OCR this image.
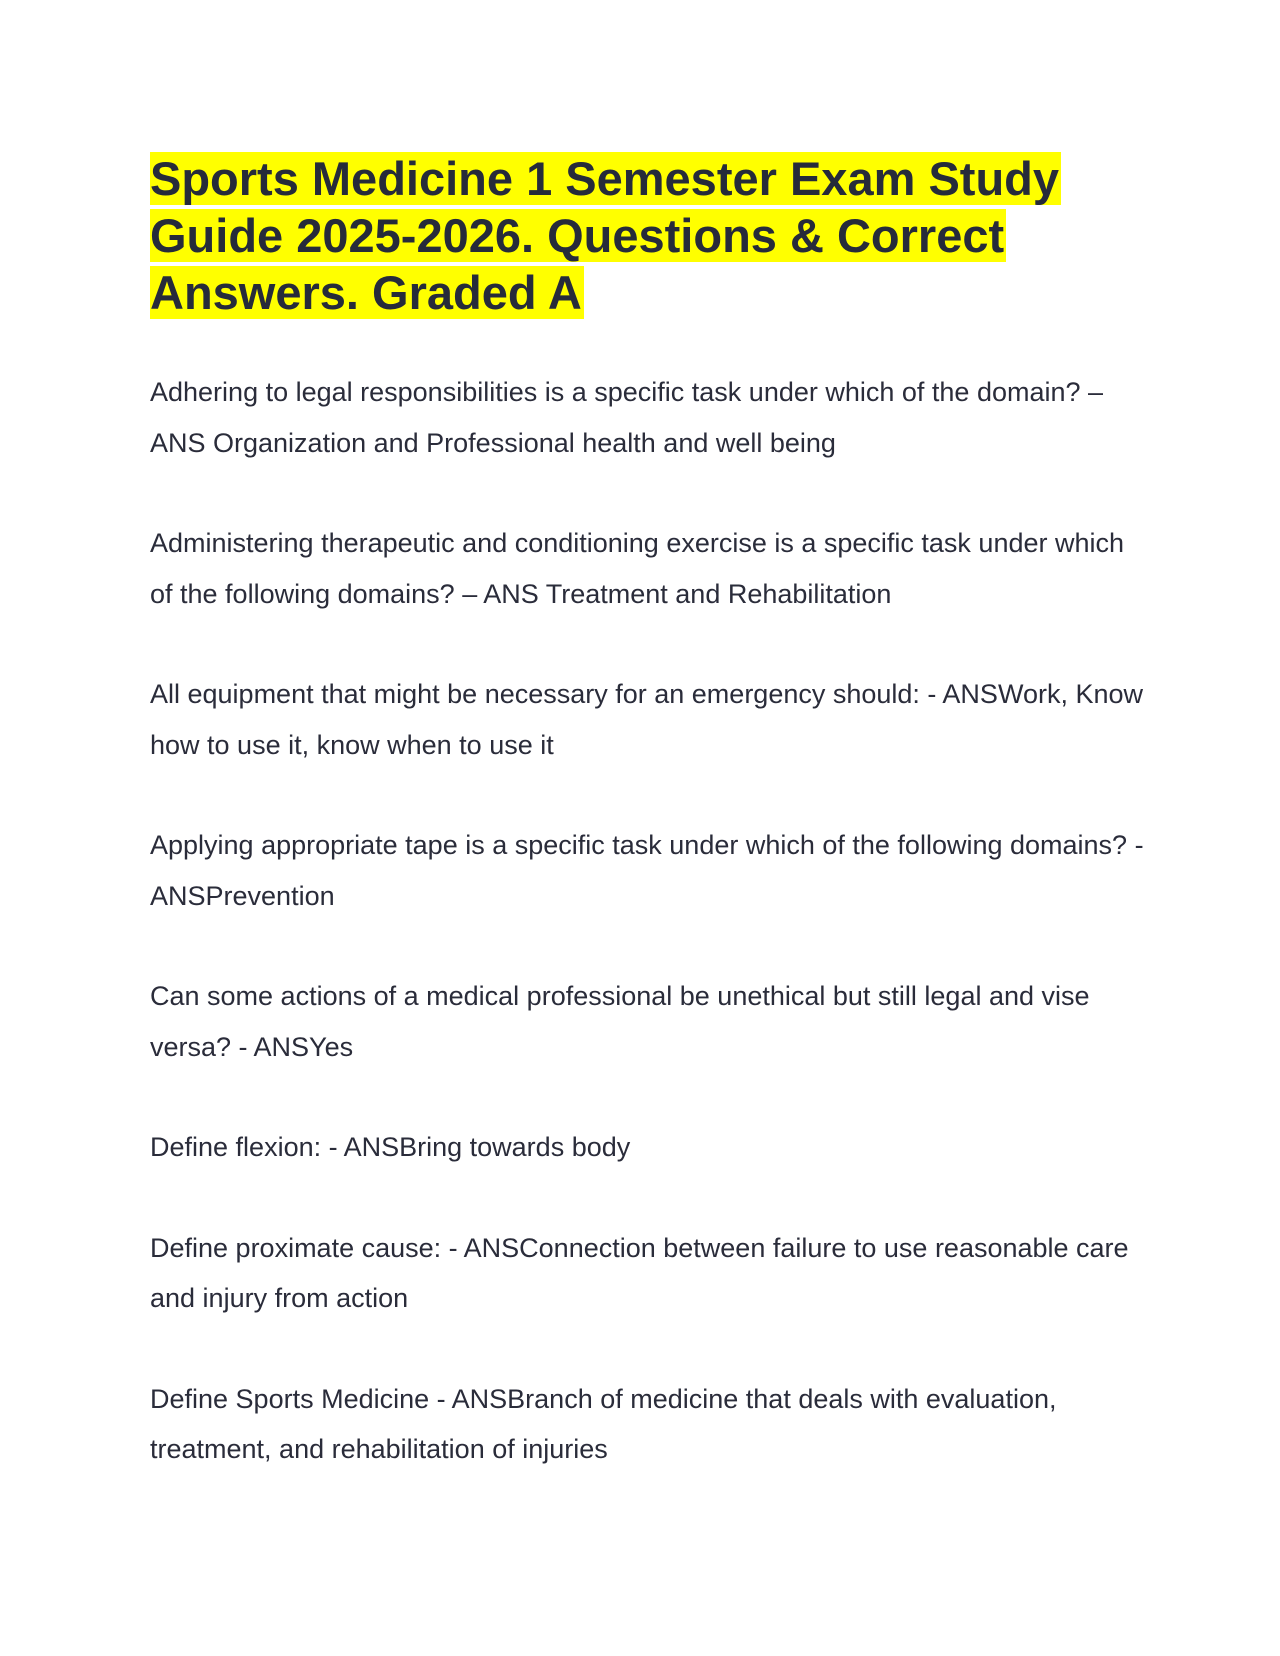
Sports Medicine 1 Semester Exam Study Guide 2025-2026. Questions & Correct Answers. Graded A

Adhering to legal responsibilities is a specific task under which of the domain? – ANS Organization and Professional health and well being

Administering therapeutic and conditioning exercise is a specific task under which of the following domains? – ANS Treatment and Rehabilitation

All equipment that might be necessary for an emergency should: - ANSWork, Know how to use it, know when to use it

Applying appropriate tape is a specific task under which of the following domains? - ANSPrevention

Can some actions of a medical professional be unethical but still legal and vise versa? - ANSYes

Define flexion: - ANSBring towards body

Define proximate cause: - ANSConnection between failure to use reasonable care and injury from action

Define Sports Medicine - ANSBranch of medicine that deals with evaluation, treatment, and rehabilitation of injuries
